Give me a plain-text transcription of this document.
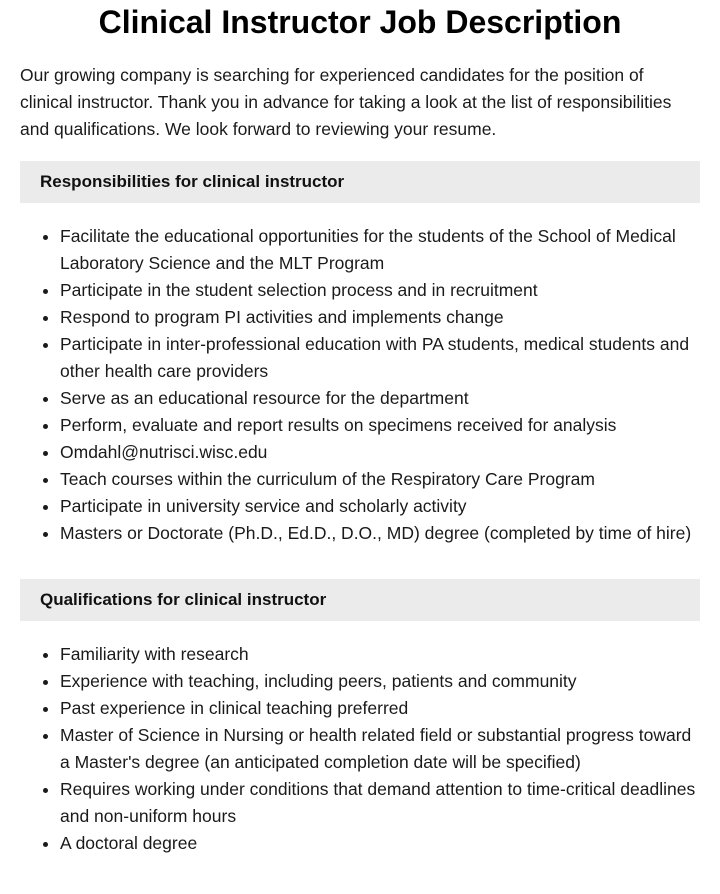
Clinical Instructor Job Description

Our growing company is searching for experienced candidates for the position of clinical instructor. Thank you in advance for taking a look at the list of responsibilities and qualifications. We look forward to reviewing your resume.

Responsibilities for clinical instructor
• Facilitate the educational opportunities for the students of the School of Medical Laboratory Science and the MLT Program
• Participate in the student selection process and in recruitment
• Respond to program PI activities and implements change
• Participate in inter-professional education with PA students, medical students and other health care providers
• Serve as an educational resource for the department
• Perform, evaluate and report results on specimens received for analysis
• Omdahl@nutrisci.wisc.edu
• Teach courses within the curriculum of the Respiratory Care Program
• Participate in university service and scholarly activity
• Masters or Doctorate (Ph.D., Ed.D., D.O., MD) degree (completed by time of hire)
Qualifications for clinical instructor
• Familiarity with research
• Experience with teaching, including peers, patients and community
• Past experience in clinical teaching preferred
• Master of Science in Nursing or health related field or substantial progress toward a Master's degree (an anticipated completion date will be specified)
• Requires working under conditions that demand attention to time-critical deadlines and non-uniform hours
• A doctoral degree
